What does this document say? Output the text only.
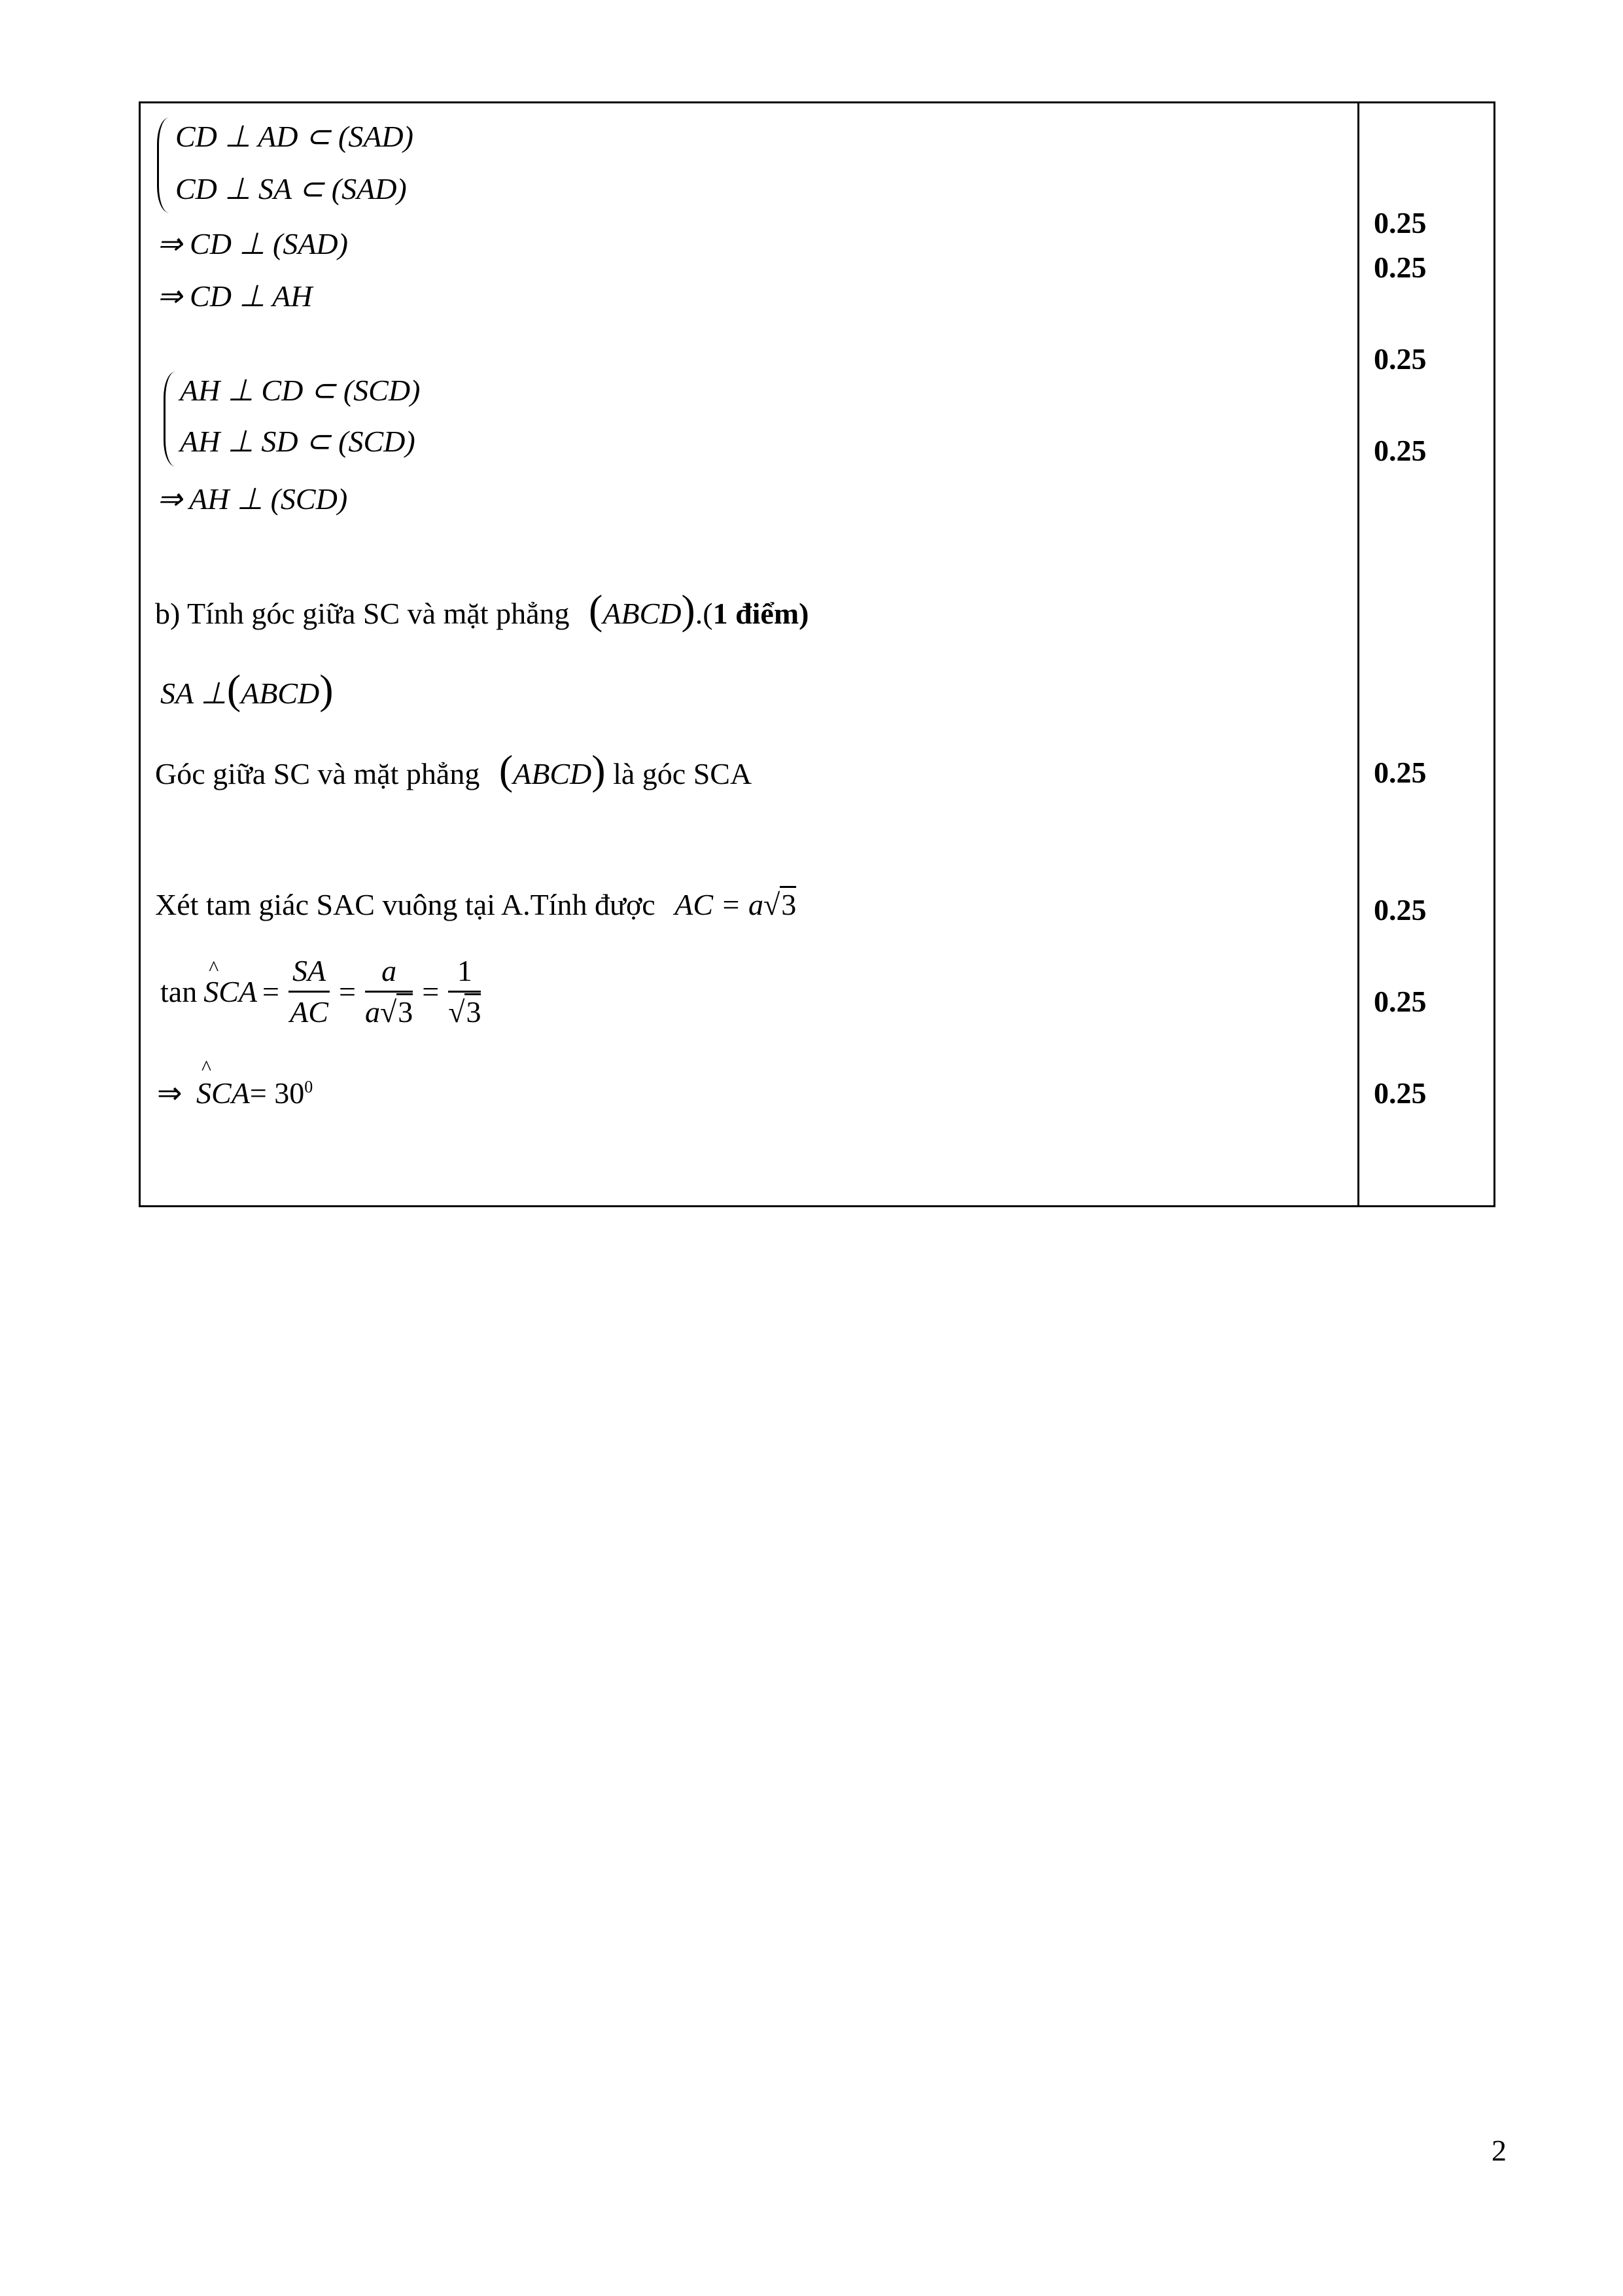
CD ⊥ AD ⊂ (SAD)
CD ⊥ SA ⊂ (SAD)
⇒ CD ⊥ (SAD)
⇒ CD ⊥ AH
AH ⊥ CD ⊂ (SCD)
AH ⊥ SD ⊂ (SCD)
⇒ AH ⊥ (SCD)
b) Tính góc giữa SC và mặt phẳng (ABCD).(1 điểm)
SA ⊥(ABCD)
Góc giữa SC và mặt phẳng (ABCD) là góc SCA
Xét tam giác SAC vuông tại A.Tính được AC = a√3
tan ^ SCA = $\frac{SA}{AC} = \frac{a}{a√3} = \frac{1}{√3}$
⇒ ^ $SCA= 30^0$
0.25
0.25
0.25
0.25
0.25
0.25
0.25
0.25
2
